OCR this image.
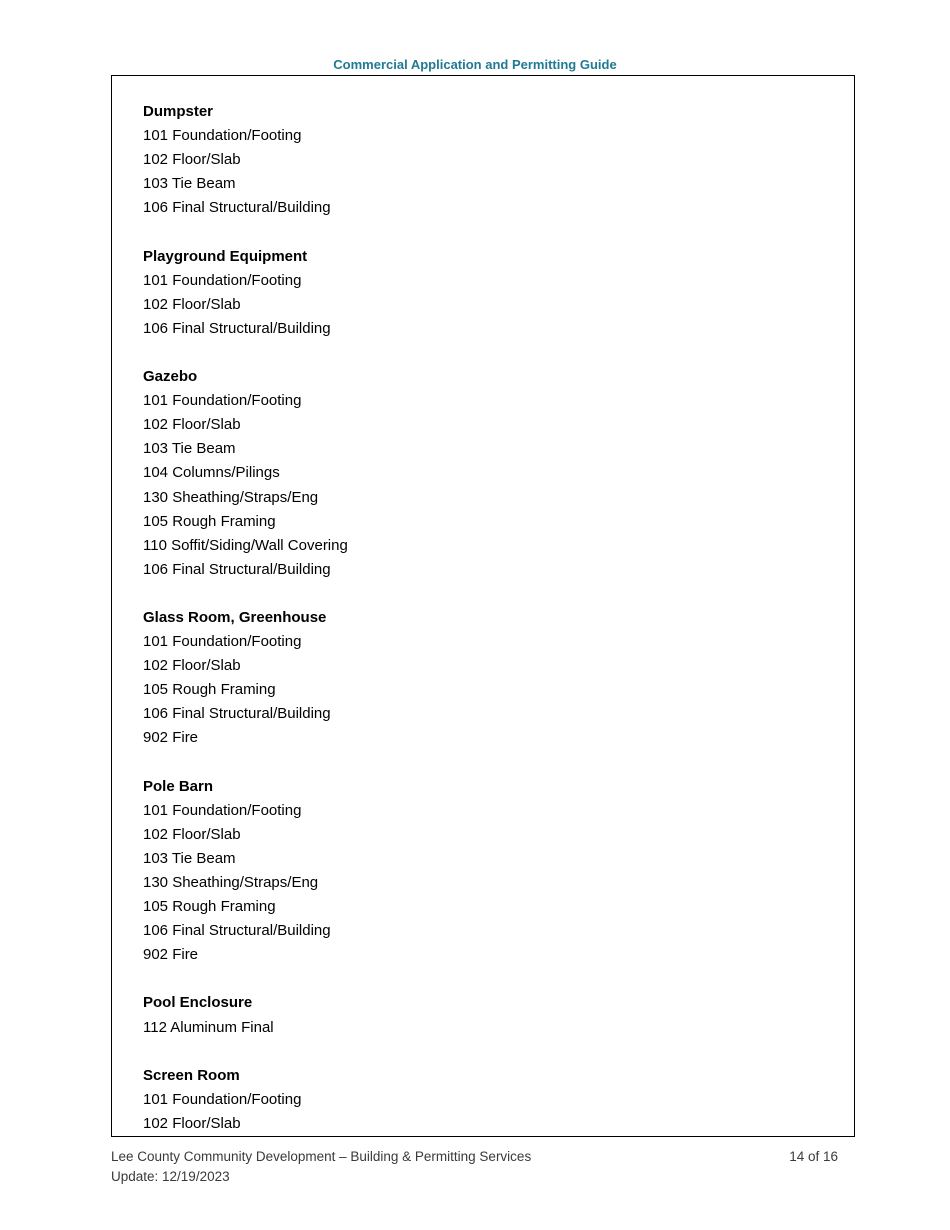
Commercial Application and Permitting Guide
Dumpster
101 Foundation/Footing
102 Floor/Slab
103 Tie Beam
106 Final Structural/Building
Playground Equipment
101 Foundation/Footing
102 Floor/Slab
106 Final Structural/Building
Gazebo
101 Foundation/Footing
102 Floor/Slab
103 Tie Beam
104 Columns/Pilings
130 Sheathing/Straps/Eng
105 Rough Framing
110 Soffit/Siding/Wall Covering
106 Final Structural/Building
Glass Room, Greenhouse
101 Foundation/Footing
102 Floor/Slab
105 Rough Framing
106 Final Structural/Building
902 Fire
Pole Barn
101 Foundation/Footing
102 Floor/Slab
103 Tie Beam
130 Sheathing/Straps/Eng
105 Rough Framing
106 Final Structural/Building
902 Fire
Pool Enclosure
112 Aluminum Final
Screen Room
101 Foundation/Footing
102 Floor/Slab
Lee County Community Development – Building & Permitting Services
Update: 12/19/2023
14 of 16
